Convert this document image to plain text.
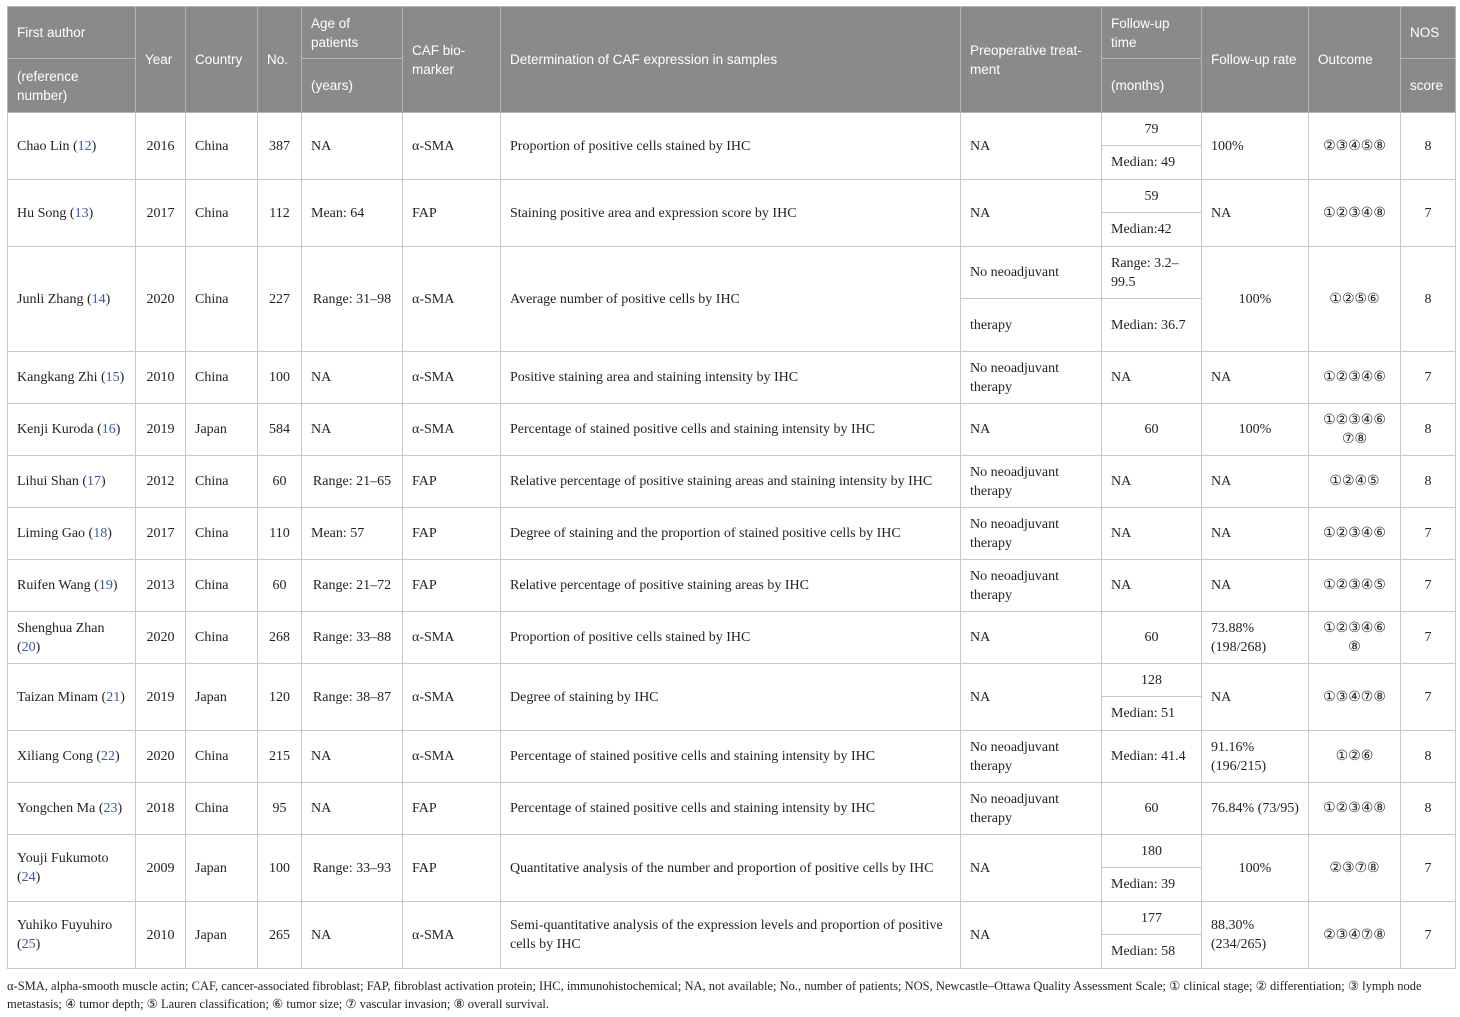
First author	Year	Country	No.	Age of patients	CAF bio-marker	Determination of CAF expression in samples	Preoperative treat-ment	Follow-up time	Follow-up rate	Outcome	NOS
(reference number)				(years)				(months)			score
Chao Lin (12)	2016	China	387	NA	α-SMA	Proportion of positive cells stained by IHC	NA	79	100%	②③④⑤⑧	8
								Median: 49			
Hu Song (13)	2017	China	112	Mean: 64	FAP	Staining positive area and expression score by IHC	NA	59	NA	①②③④⑧	7
								Median:42			
Junli Zhang (14)	2020	China	227	Range: 31–98	α-SMA	Average number of positive cells by IHC	No neoadjuvant	Range: 3.2–99.5	100%	①②⑤⑥	8
							therapy	Median: 36.7			
Kangkang Zhi (15)	2010	China	100	NA	α-SMA	Positive staining area and staining intensity by IHC	No neoadjuvant therapy	NA	NA	①②③④⑥	7
Kenji Kuroda (16)	2019	Japan	584	NA	α-SMA	Percentage of stained positive cells and staining intensity by IHC	NA	60	100%	①②③④⑥⑦⑧	8
Lihui Shan (17)	2012	China	60	Range: 21–65	FAP	Relative percentage of positive staining areas and staining intensity by IHC	No neoadjuvant therapy	NA	NA	①②④⑤	8
Liming Gao (18)	2017	China	110	Mean: 57	FAP	Degree of staining and the proportion of stained positive cells by IHC	No neoadjuvant therapy	NA	NA	①②③④⑥	7
Ruifen Wang (19)	2013	China	60	Range: 21–72	FAP	Relative percentage of positive staining areas by IHC	No neoadjuvant therapy	NA	NA	①②③④⑤	7
Shenghua Zhan (20)	2020	China	268	Range: 33–88	α-SMA	Proportion of positive cells stained by IHC	NA	60	73.88% (198/268)	①②③④⑥⑧	7
Taizan Minam (21)	2019	Japan	120	Range: 38–87	α-SMA	Degree of staining by IHC	NA	128	NA	①③④⑦⑧	7
								Median: 51			
Xiliang Cong (22)	2020	China	215	NA	α-SMA	Percentage of stained positive cells and staining intensity by IHC	No neoadjuvant therapy	Median: 41.4	91.16% (196/215)	①②⑥	8
Yongchen Ma (23)	2018	China	95	NA	FAP	Percentage of stained positive cells and staining intensity by IHC	No neoadjuvant therapy	60	76.84% (73/95)	①②③④⑧	8
Youji Fukumoto (24)	2009	Japan	100	Range: 33–93	FAP	Quantitative analysis of the number and proportion of positive cells by IHC	NA	180	100%	②③⑦⑧	7
								Median: 39			
Yuhiko Fuyuhiro (25)	2010	Japan	265	NA	α-SMA	Semi-quantitative analysis of the expression levels and proportion of positive cells by IHC	NA	177	88.30% (234/265)	②③④⑦⑧	7
								Median: 58			
α-SMA, alpha-smooth muscle actin; CAF, cancer-associated fibroblast; FAP, fibroblast activation protein; IHC, immunohistochemical; NA, not available; No., number of patients; NOS, Newcastle–Ottawa Quality Assessment Scale; ① clinical stage; ② differentiation; ③ lymph node metastasis; ④ tumor depth; ⑤ Lauren classification; ⑥ tumor size; ⑦ vascular invasion; ⑧ overall survival.
